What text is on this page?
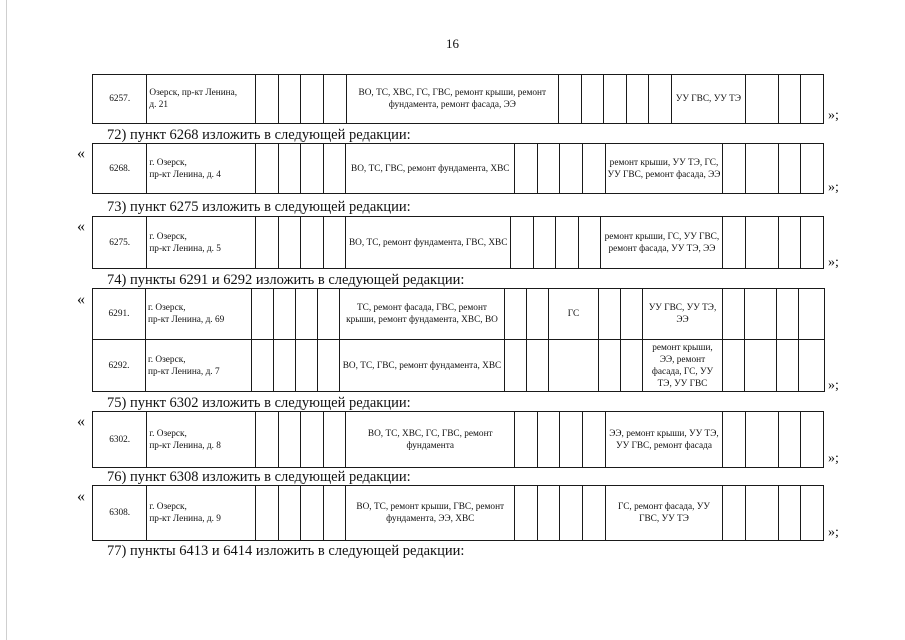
16
6257.	Озерск, пр-кт Ленина,
д. 21					ВО, ТС, ХВС, ГС, ГВС, ремонт крыши, ремонт фундамента, ремонт фасада, ЭЭ						УУ ГВС, УУ ТЭ			
»;
72) пункт 6268 изложить в следующей редакции:
«
6268.	г. Озерск,
пр-кт Ленина, д. 4					ВО, ТС, ГВС, ремонт фундамента, ХВС					ремонт крыши, УУ ТЭ, ГС, УУ ГВС, ремонт фасада, ЭЭ				
»;
73) пункт 6275 изложить в следующей редакции:
«
6275.	г. Озерск,
пр-кт Ленина, д. 5					ВО, ТС, ремонт фундамента, ГВС, ХВС					ремонт крыши, ГС, УУ ГВС, ремонт фасада, УУ ТЭ, ЭЭ				
»;
74) пункты 6291 и 6292 изложить в следующей редакции:
«
6291.	г. Озерск,
пр-кт Ленина, д. 69					ТС, ремонт фасада, ГВС, ремонт крыши, ремонт фундамента, ХВС, ВО			ГС			УУ ГВС, УУ ТЭ, ЭЭ				
6292.	г. Озерск,
пр-кт Ленина, д. 7					ВО, ТС, ГВС, ремонт фундамента, ХВС						ремонт крыши, ЭЭ, ремонт фасада, ГС, УУ ТЭ, УУ ГВС					»;
75) пункт 6302 изложить в следующей редакции:
«
6302.	г. Озерск,
пр-кт Ленина, д. 8					ВО, ТС, ХВС, ГС, ГВС, ремонт фундамента					ЭЭ, ремонт крыши, УУ ТЭ, УУ ГВС, ремонт фасада				
»;
76) пункт 6308 изложить в следующей редакции:
«
6308.	г. Озерск,
пр-кт Ленина, д. 9					ВО, ТС, ремонт крыши, ГВС, ремонт фундамента, ЭЭ, ХВС					ГС, ремонт фасада, УУ ГВС, УУ ТЭ				
»;
77) пункты 6413 и 6414 изложить в следующей редакции:
